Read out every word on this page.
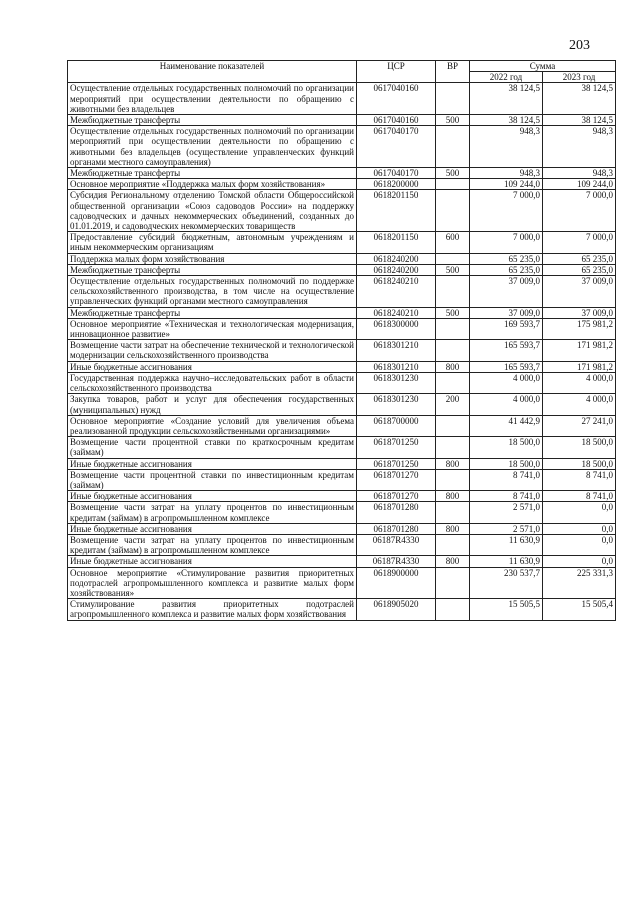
203
Наименование показателей	ЦСР	ВР	Сумма	
			2022 год	2023 год
Осуществление отдельных государственных полномочий по организации мероприятий при осуществлении деятельности по обращению с животными без владельцев	0617040160		38 124,5	38 124,5
Межбюджетные трансферты	0617040160	500	38 124,5	38 124,5
Осуществление отдельных государственных полномочий по организации мероприятий при осуществлении деятельности по обращению с животными без владельцев (осуществление управленческих функций органами местного самоуправления)	0617040170		948,3	948,3
Межбюджетные трансферты	0617040170	500	948,3	948,3
Основное мероприятие «Поддержка малых форм хозяйствования»	0618200000		109 244,0	109 244,0
Субсидия Региональному отделению Томской области Общероссийской общественной организации «Союз садоводов России» на поддержку садоводческих и дачных некоммерческих объединений, созданных до 01.01.2019, и садоводческих некоммерческих товариществ	0618201150		7 000,0	7 000,0
Предоставление субсидий бюджетным, автономным учреждениям и иным некоммерческим организациям	0618201150	600	7 000,0	7 000,0
Поддержка малых форм хозяйствования	0618240200		65 235,0	65 235,0
Межбюджетные трансферты	0618240200	500	65 235,0	65 235,0
Осуществление отдельных государственных полномочий по поддержке сельскохозяйственного производства, в том числе на осуществление управленческих функций органами местного самоуправления	0618240210		37 009,0	37 009,0
Межбюджетные трансферты	0618240210	500	37 009,0	37 009,0
Основное мероприятие «Техническая и технологическая модернизация, инновационное развитие»	0618300000		169 593,7	175 981,2
Возмещение части затрат на обеспечение технической и технологической модернизации сельскохозяйственного производства	0618301210		165 593,7	171 981,2
Иные бюджетные ассигнования	0618301210	800	165 593,7	171 981,2
Государственная поддержка научно–исследовательских работ в области сельскохозяйственного производства	0618301230		4 000,0	4 000,0
Закупка товаров, работ и услуг для обеспечения государственных (муниципальных) нужд	0618301230	200	4 000,0	4 000,0
Основное мероприятие «Создание условий для увеличения объема реализованной продукции сельскохозяйственными организациями»	0618700000		41 442,9	27 241,0
Возмещение части процентной ставки по краткосрочным кредитам (займам)	0618701250		18 500,0	18 500,0
Иные бюджетные ассигнования	0618701250	800	18 500,0	18 500,0
Возмещение части процентной ставки по инвестиционным кредитам (займам)	0618701270		8 741,0	8 741,0
Иные бюджетные ассигнования	0618701270	800	8 741,0	8 741,0
Возмещение части затрат на уплату процентов по инвестиционным кредитам (займам) в агропромышленном комплексе	0618701280		2 571,0	0,0
Иные бюджетные ассигнования	0618701280	800	2 571,0	0,0
Возмещение части затрат на уплату процентов по инвестиционным кредитам (займам) в агропромышленном комплексе	06187R4330		11 630,9	0,0
Иные бюджетные ассигнования	06187R4330	800	11 630,9	0,0
Основное мероприятие «Стимулирование развития приоритетных подотраслей агропромышленного комплекса и развитие малых форм хозяйствования»	0618900000		230 537,7	225 331,3
Стимулирование развития приоритетных подотраслей агропромышленного комплекса и развитие малых форм хозяйствования	0618905020		15 505,5	15 505,4
